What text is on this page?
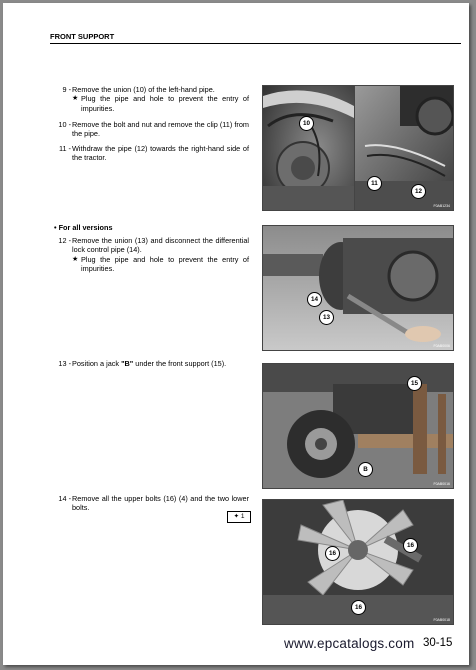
FRONT SUPPORT
9 - Remove the union (10) of the left-hand pipe.
★ Plug the pipe and hole to prevent the entry of impurities.
10 - Remove the bolt and nut and remove the clip (11) from the pipe.
11 - Withdraw the pipe (12) towards the right-hand side of the tractor.
• For all versions
12 - Remove the union (13) and disconnect the differential lock control pipe (14).
★ Plug the pipe and hole to prevent the entry of impurities.
13 - Position a jack "B" under the front support (15).
14 - Remove all the upper bolts (16) (4) and the two lower bolts.
✦ 1
10
11
12
F0AB1234
14
13
F0AB0006
15
B
F0AB0016
16
16
16
F0AB0018
www.epcatalogs.com 30-15
